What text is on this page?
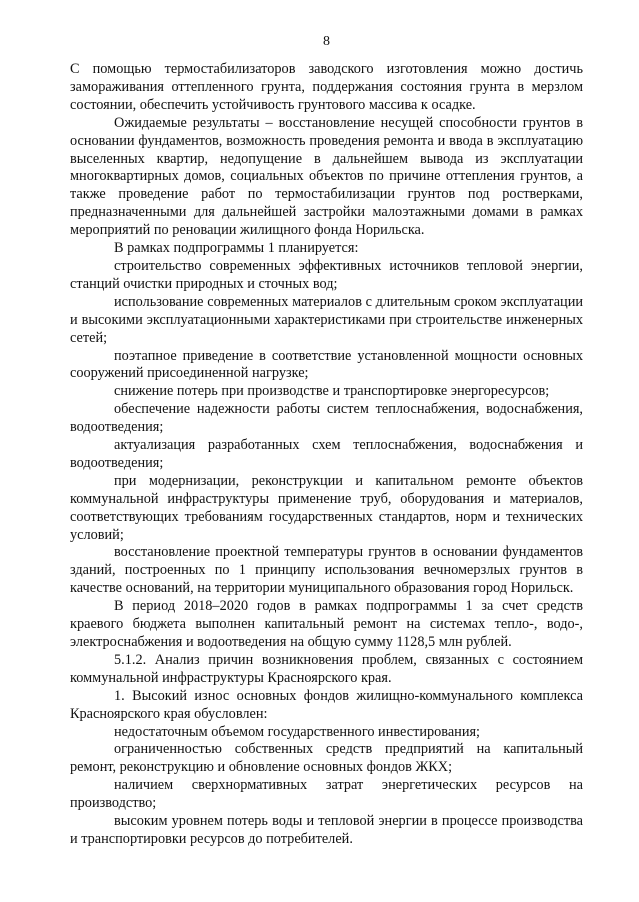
8

С помощью термостабилизаторов заводского изготовления можно достичь замораживания оттепленного грунта, поддержания состояния грунта в мерзлом состоянии, обеспечить устойчивость грунтового массива к осадке.

Ожидаемые результаты – восстановление несущей способности грунтов в основании фундаментов, возможность проведения ремонта и ввода в эксплуатацию выселенных квартир, недопущение в дальнейшем вывода из эксплуатации многоквартирных домов, социальных объектов по причине оттепления грунтов, а также проведение работ по термостабилизации грунтов под ростверками, предназначенными для дальнейшей застройки малоэтажными домами в рамках мероприятий по реновации жилищного фонда Норильска.

В рамках подпрограммы 1 планируется:

строительство современных эффективных источников тепловой энергии, станций очистки природных и сточных вод;

использование современных материалов с длительным сроком эксплуатации и высокими эксплуатационными характеристиками при строительстве инженерных сетей;

поэтапное приведение в соответствие установленной мощности основных сооружений присоединенной нагрузке;

снижение потерь при производстве и транспортировке энергоресурсов;

обеспечение надежности работы систем теплоснабжения, водоснабжения, водоотведения;

актуализация разработанных схем теплоснабжения, водоснабжения и водоотведения;

при модернизации, реконструкции и капитальном ремонте объектов коммунальной инфраструктуры применение труб, оборудования и материалов, соответствующих требованиям государственных стандартов, норм и технических условий;

восстановление проектной температуры грунтов в основании фундаментов зданий, построенных по 1 принципу использования вечномерзлых грунтов в качестве оснований, на территории муниципального образования город Норильск.

В период 2018–2020 годов в рамках подпрограммы 1 за счет средств краевого бюджета выполнен капитальный ремонт на системах тепло-, водо-, электроснабжения и водоотведения на общую сумму 1128,5 млн рублей.

5.1.2. Анализ причин возникновения проблем, связанных с состоянием коммунальной инфраструктуры Красноярского края.

1. Высокий износ основных фондов жилищно-коммунального комплекса Красноярского края обусловлен:

недостаточным объемом государственного инвестирования;

ограниченностью собственных средств предприятий на капитальный ремонт, реконструкцию и обновление основных фондов ЖКХ;

наличием сверхнормативных затрат энергетических ресурсов на производство;

высоким уровнем потерь воды и тепловой энергии в процессе производства и транспортировки ресурсов до потребителей.
